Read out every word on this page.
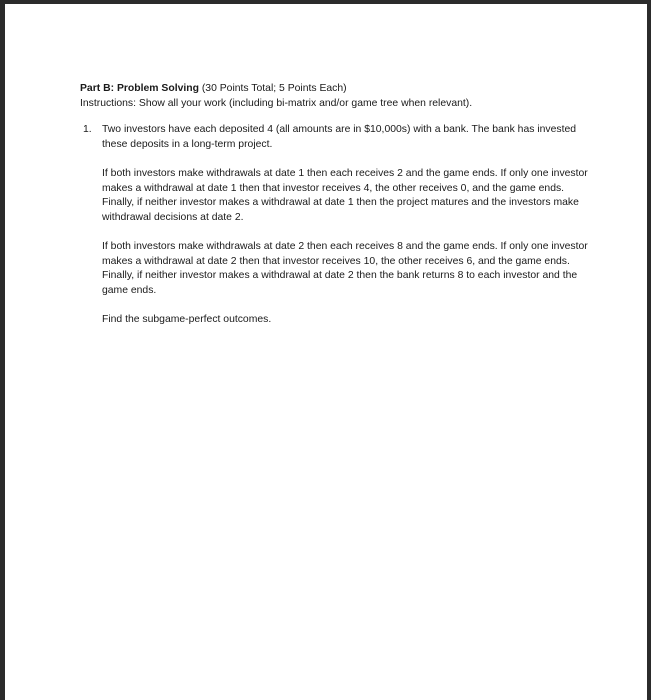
Part B: Problem Solving (30 Points Total; 5 Points Each)

Instructions: Show all your work (including bi-matrix and/or game tree when relevant).

1. Two investors have each deposited 4 (all amounts are in $10,000s) with a bank. The bank has invested these deposits in a long-term project.

If both investors make withdrawals at date 1 then each receives 2 and the game ends. If only one investor makes a withdrawal at date 1 then that investor receives 4, the other receives 0, and the game ends. Finally, if neither investor makes a withdrawal at date 1 then the project matures and the investors make withdrawal decisions at date 2.

If both investors make withdrawals at date 2 then each receives 8 and the game ends. If only one investor makes a withdrawal at date 2 then that investor receives 10, the other receives 6, and the game ends. Finally, if neither investor makes a withdrawal at date 2 then the bank returns 8 to each investor and the game ends.

Find the subgame-perfect outcomes.
